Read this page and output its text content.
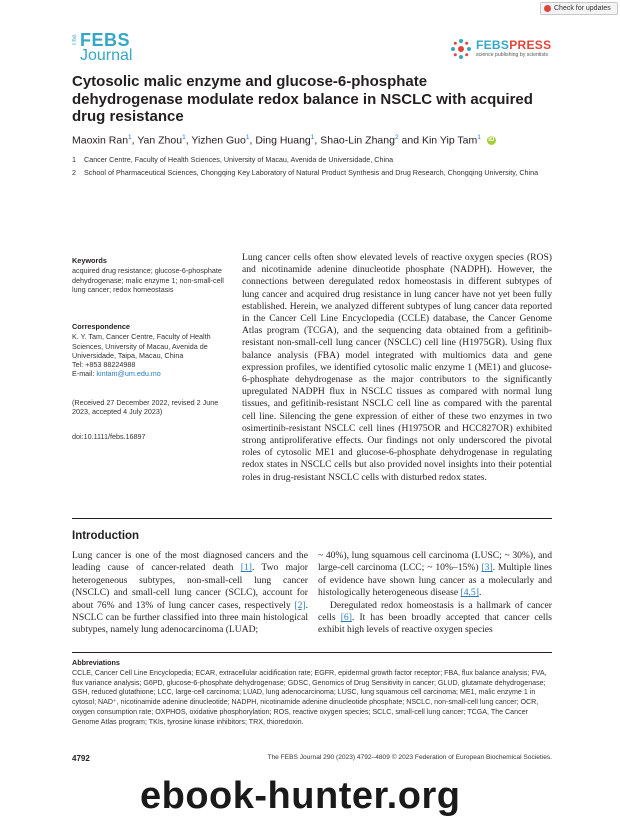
Check for updates
The FEBS
Journal
FEBSPRESS
science publishing by scientists
Cytosolic malic enzyme and glucose-6-phosphate dehydrogenase modulate redox balance in NSCLC with acquired drug resistance
Maoxin Ran$^1$, Yan Zhou$^1$, Yizhen Guo$^1$, Ding Huang$^1$, Shao-Lin Zhang$^2$ and Kin Yip Tam$^1$ iD
1 Cancer Centre, Faculty of Health Sciences, University of Macau, Avenida de Universidade, China
2 School of Pharmaceutical Sciences, Chongqing Key Laboratory of Natural Product Synthesis and Drug Research, Chongqing University, China
Keywords
acquired drug resistance; glucose-6-phosphate dehydrogenase; malic enzyme 1; non-small-cell lung cancer; redox homeostasis
Correspondence
K. Y. Tam, Cancer Centre, Faculty of Health Sciences, University of Macau, Avenida de Universidade, Taipa, Macau, China
Tel: +853 88224988
E-mail: kintam@um.edu.mo
(Received 27 December 2022, revised 2 June 2023, accepted 4 July 2023)
doi:10.1111/febs.16897

Lung cancer cells often show elevated levels of reactive oxygen species (ROS) and nicotinamide adenine dinucleotide phosphate (NADPH). However, the connections between deregulated redox homeostasis in different subtypes of lung cancer and acquired drug resistance in lung cancer have not yet been fully established. Herein, we analyzed different subtypes of lung cancer data reported in the Cancer Cell Line Encyclopedia (CCLE) database, the Cancer Genome Atlas program (TCGA), and the sequencing data obtained from a gefitinib-resistant non-small-cell lung cancer (NSCLC) cell line (H1975GR). Using flux balance analysis (FBA) model integrated with multiomics data and gene expression profiles, we identified cytosolic malic enzyme 1 (ME1) and glucose-6-phosphate dehydrogenase as the major contributors to the significantly upregulated NADPH flux in NSCLC tissues as compared with normal lung tissues, and gefitinib-resistant NSCLC cell line as compared with the parental cell line. Silencing the gene expression of either of these two enzymes in two osimertinib-resistant NSCLC cell lines (H1975OR and HCC827OR) exhibited strong antiproliferative effects. Our findings not only underscored the pivotal roles of cytosolic ME1 and glucose-6-phosphate dehydrogenase in regulating redox states in NSCLC cells but also provided novel insights into their potential roles in drug-resistant NSCLC cells with disturbed redox states.

Introduction

Lung cancer is one of the most diagnosed cancers and the leading cause of cancer-related death [1]. Two major heterogeneous subtypes, non-small-cell lung cancer (NSCLC) and small-cell lung cancer (SCLC), account for about 76% and 13% of lung cancer cases, respectively [2]. NSCLC can be further classified into three main histological subtypes, namely lung adenocarcinoma (LUAD;

~ 40%), lung squamous cell carcinoma (LUSC; ~ 30%), and large-cell carcinoma (LCC; ~ 10%–15%) [3]. Multiple lines of evidence have shown lung cancer as a molecularly and histologically heterogeneous disease [4,5].

Deregulated redox homeostasis is a hallmark of cancer cells [6]. It has been broadly accepted that cancer cells exhibit high levels of reactive oxygen species

Abbreviations

CCLE, Cancer Cell Line Encyclopedia; ECAR, extracellular acidification rate; EGFR, epidermal growth factor receptor; FBA, flux balance analysis; FVA, flux variance analysis; G6PD, glucose-6-phosphate dehydrogenase; GDSC, Genomics of Drug Sensitivity in cancer; GLUD, glutamate dehydrogenase; GSH, reduced glutathione; LCC, large-cell carcinoma; LUAD, lung adenocarcinoma; LUSC, lung squamous cell carcinoma; ME1, malic enzyme 1 in cytosol; NAD⁺, nicotinamide adenine dinucleotide; NADPH, nicotinamide adenine dinucleotide phosphate; NSCLC, non-small-cell lung cancer; OCR, oxygen consumption rate; OXPHOS, oxidative phosphorylation; ROS, reactive oxygen species; SCLC, small-cell lung cancer; TCGA, The Cancer Genome Atlas program; TKIs, tyrosine kinase inhibitors; TRX, thioredoxin.

4792	The FEBS Journal 290 (2023) 4792–4809 © 2023 Federation of European Biochemical Societies.
ebook-hunter.org
